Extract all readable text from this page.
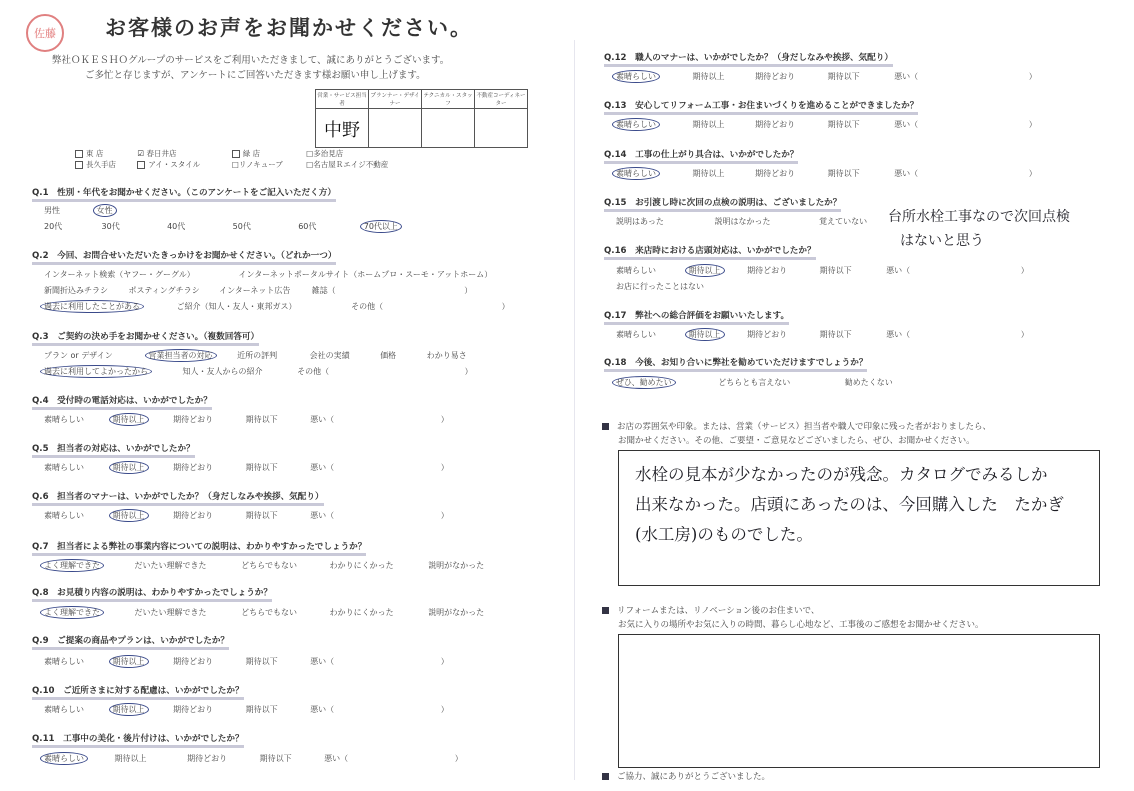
佐藤 お客様のお声をお聞かせください。
弊社ＯＫＥＳＨＯグループのサービスをご利用いただきまして、誠にありがとうございます。
ご多忙と存じますが、アンケートにご回答いただきます様お願い申し上げます。
営業・サービス担当者	プランナー・デザイナー	テクニカル・スタッフ	不動産コーディネーター

中野			

東 店	☑ 春日井店	緑 店	□多治見店
長久手店	アイ・スタイル	□リノキューブ	□名古屋Ｒエイジ不動産
Q.1　性別・年代をお聞かせください。（このアンケートをご記入いただく方）
男性	女性
20代	30代	40代	50代	60代	70代以上
Q.2　今回、お問合せいただいたきっかけをお聞かせください。（どれか一つ）
インターネット検索（ヤフー・グーグル）	インターネットポータルサイト（ホームプロ・スーモ・アットホーム）
新聞折込みチラシ	ポスティングチラシ インターネット広告	雑誌（	）
過去に利用したことがある	ご紹介（知人・友人・東邦ガス）	その他（	）
Q.3　ご契約の決め手をお聞かせください。（複数回答可）
プラン or デザイン	営業担当者の対応	近所の評判	会社の実績	価格	わかり易さ
過去に利用してよかったから	知人・友人からの紹介	その他（	）
Q.4　受付時の電話対応は、いかがでしたか？
素晴らしい	期待以上	期待どおり	期待以下	悪い（	）
Q.5　担当者の対応は、いかがでしたか？
素晴らしい	期待以上	期待どおり	期待以下	悪い（	）
Q.6　担当者のマナーは、いかがでしたか？（身だしなみや挨拶、気配り）
素晴らしい	期待以上	期待どおり	期待以下	悪い（	）
Q.7　担当者による弊社の事業内容についての説明は、わかりやすかったでしょうか？
よく理解できた	だいたい理解できた	どちらでもない	わかりにくかった	説明がなかった
Q.8　お見積り内容の説明は、わかりやすかったでしょうか？
よく理解できた	だいたい理解できた	どちらでもない	わかりにくかった	説明がなかった
Q.9　ご提案の商品やプランは、いかがでしたか？
素晴らしい	期待以上	期待どおり	期待以下	悪い（	）
Q.10　ご近所さまに対する配慮は、いかがでしたか？
素晴らしい	期待以上	期待どおり	期待以下	悪い（	）
Q.11　工事中の美化・後片付けは、いかがでしたか？
素晴らしい	期待以上	期待どおり	期待以下	悪い（	）
Q.12　職人のマナーは、いかがでしたか？（身だしなみや挨拶、気配り）
素晴らしい	期待以上	期待どおり	期待以下	悪い（	）
Q.13　安心してリフォーム工事・お住まいづくりを進めることができましたか？
素晴らしい	期待以上	期待どおり	期待以下	悪い（	）
Q.14　工事の仕上がり具合は、いかがでしたか？
素晴らしい	期待以上	期待どおり	期待以下	悪い（	）
Q.15　お引渡し時に次回の点検の説明は、ございましたか？
説明はあった	説明はなかった	覚えていない 台所水栓工事なので次回点検
はないと思う
Q.16　来店時における店頭対応は、いかがでしたか？
素晴らしい	期待以上	期待どおり	期待以下	悪い（	）
お店に行ったことはない
Q.17　弊社への総合評価をお願いいたします。
素晴らしい	期待以上	期待どおり	期待以下	悪い（	）
Q.18　今後、お知り合いに弊社を勧めていただけますでしょうか？
ぜひ、勧めたい	どちらとも言えない	勧めたくない
お店の雰囲気や印象。または、営業（サービス）担当者や職人で印象に残った者がおりましたら、
お聞かせください。その他、ご要望・ご意見などございましたら、ぜひ、お聞かせください。
水栓の見本が少なかったのが残念。カタログでみるしか
出来なかった。店頭にあったのは、今回購入した　たかぎ
(水工房)のものでした。
リフォームまたは、リノベーション後のお住まいで、
お気に入りの場所やお気に入りの時間、暮らし心地など、工事後のご感想をお聞かせください。
ご協力、誠にありがとうございました。
